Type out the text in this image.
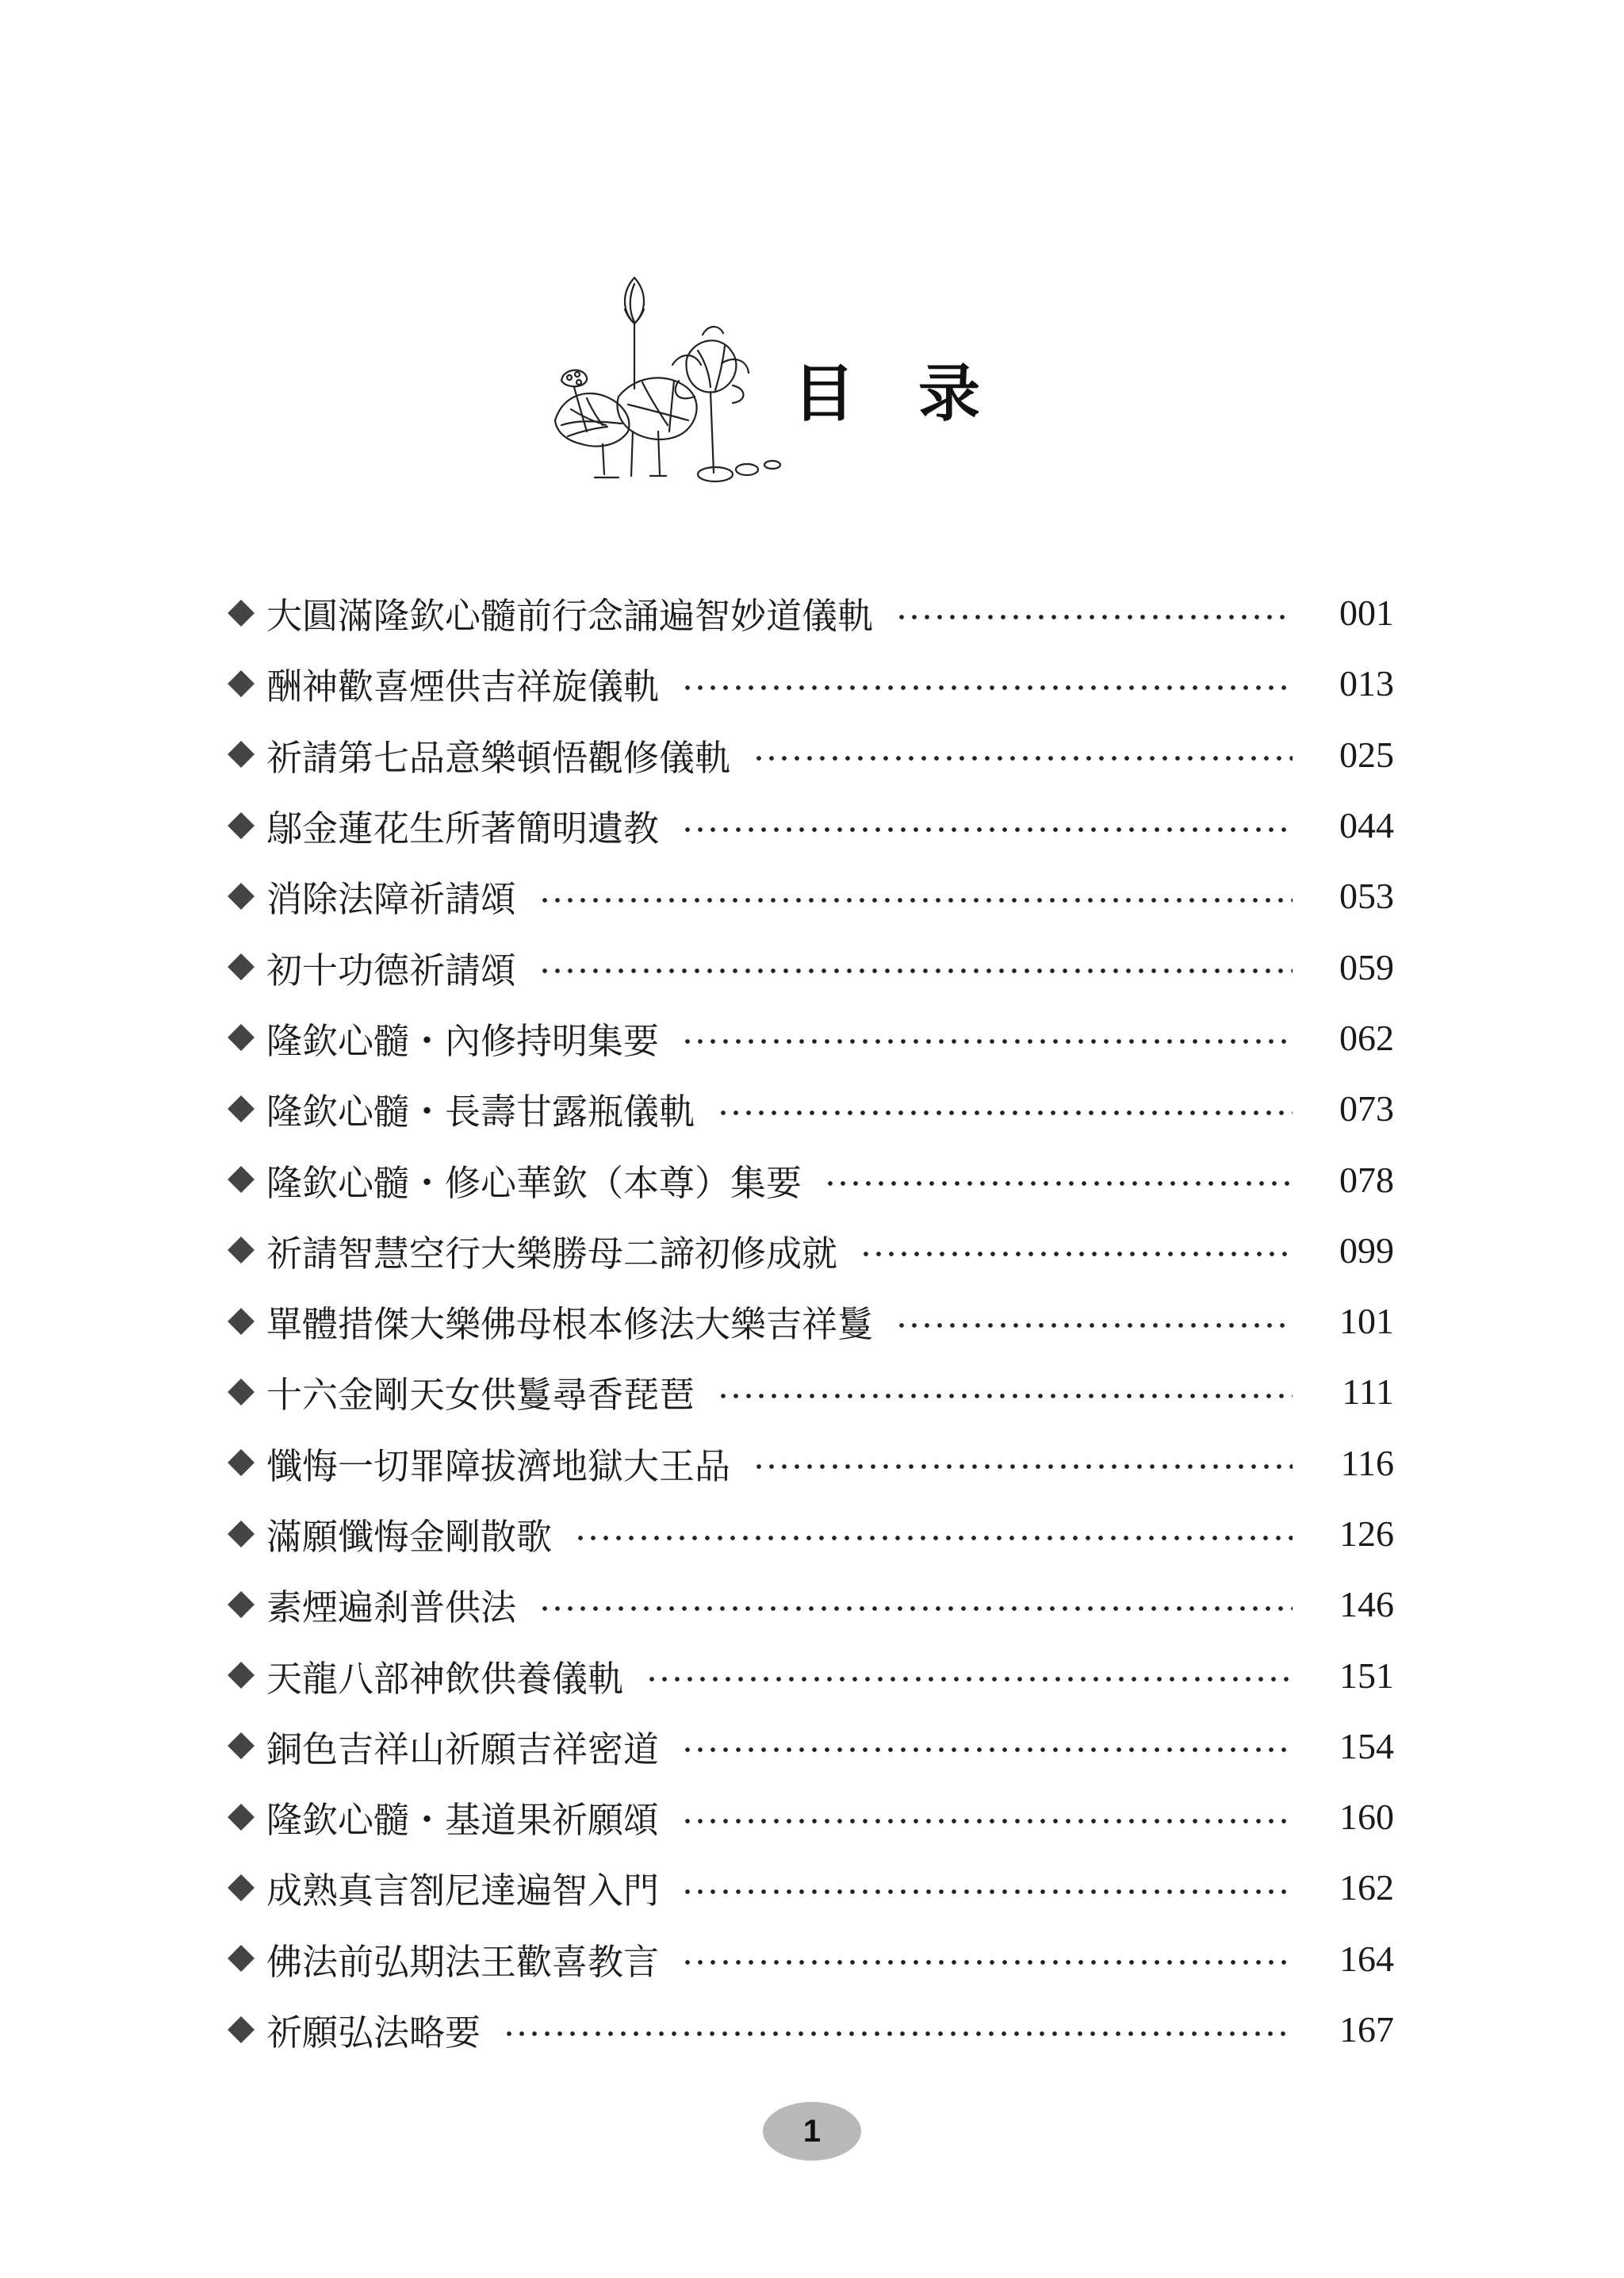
目 录
大圓滿隆欽心髓前行念誦遍智妙道儀軌	001
酬神歡喜煙供吉祥旋儀軌	013
祈請第七品意樂頓悟觀修儀軌	025
鄔金蓮花生所著簡明遺教	044
消除法障祈請頌	053
初十功德祈請頌	059
隆欽心髓・內修持明集要	062
隆欽心髓・長壽甘露瓶儀軌	073
隆欽心髓・修心華欽（本尊）集要	078
祈請智慧空行大樂勝母二諦初修成就	099
單體措傑大樂佛母根本修法大樂吉祥鬘	101
十六金剛天女供鬘尋香琵琶	111
懺悔一切罪障拔濟地獄大王品	116
滿願懺悔金剛散歌	126
素煙遍刹普供法	146
天龍八部神飲供養儀軌	151
銅色吉祥山祈願吉祥密道	154
隆欽心髓・基道果祈願頌	160
成熟真言劄尼達遍智入門	162
佛法前弘期法王歡喜教言	164
祈願弘法略要	167
1
